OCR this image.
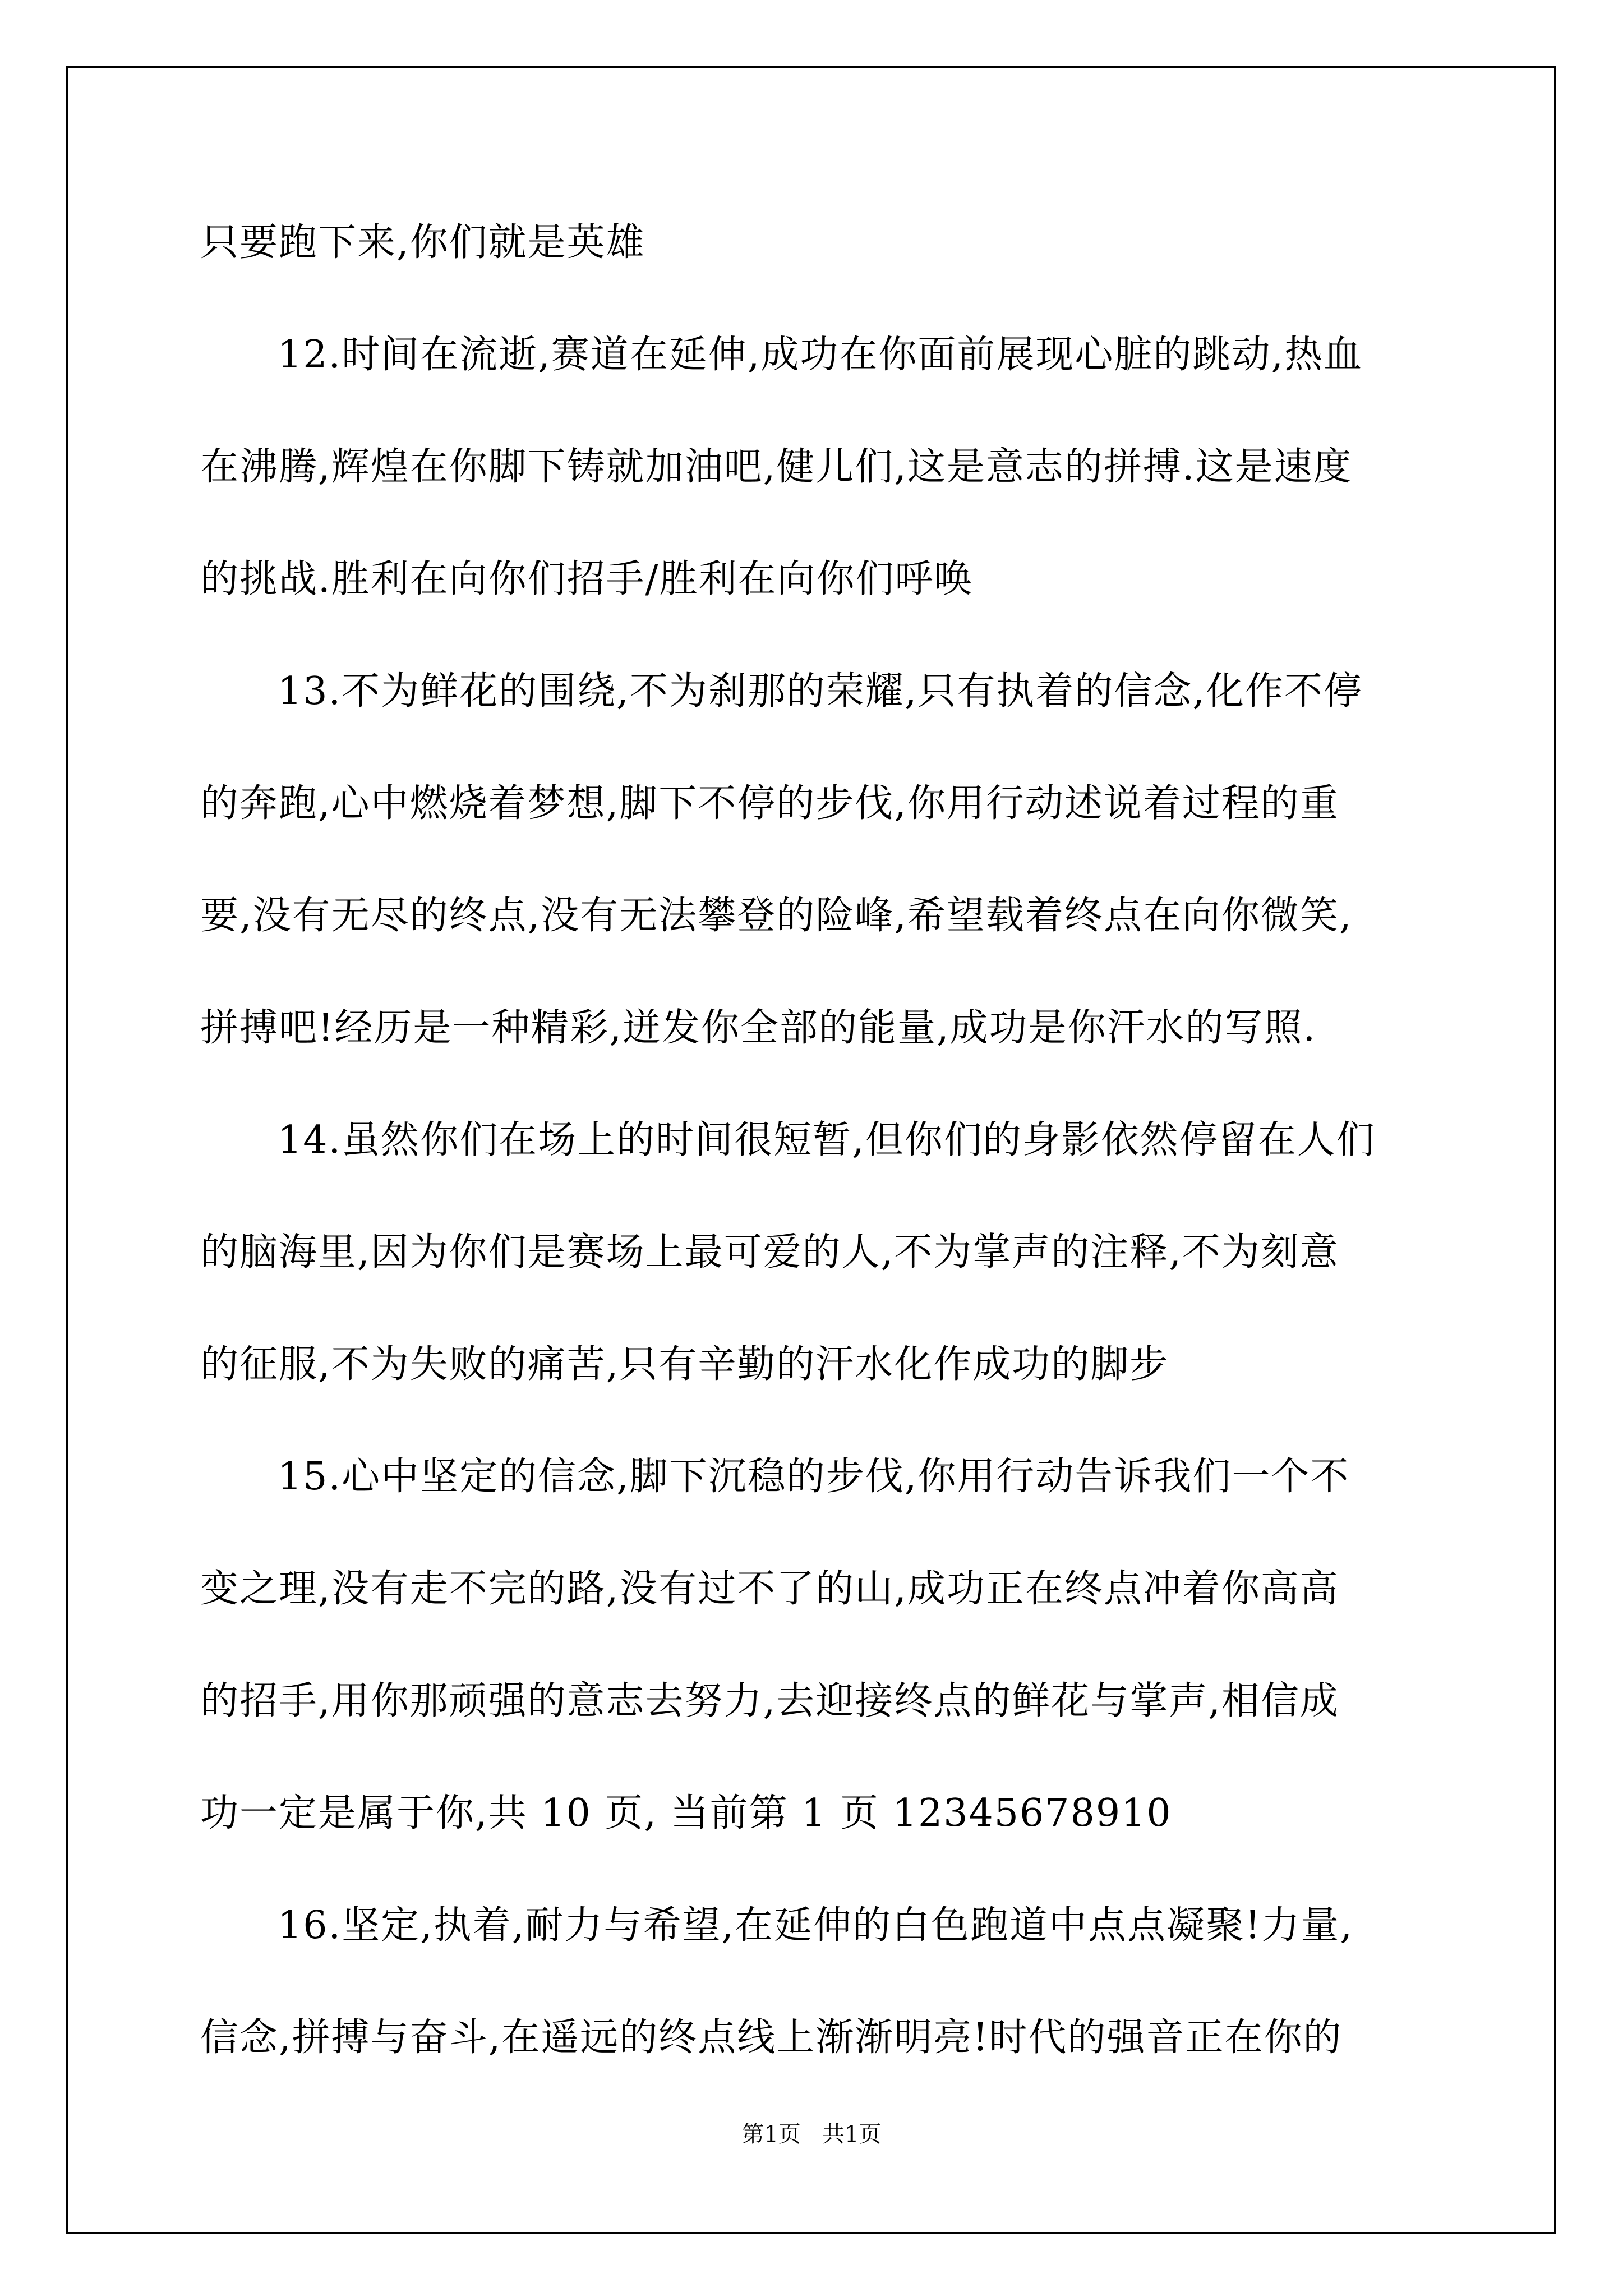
只要跑下来,你们就是英雄
12.时间在流逝,赛道在延伸,成功在你面前展现心脏的跳动,热血
在沸腾,辉煌在你脚下铸就加油吧,健儿们,这是意志的拼搏.这是速度
的挑战.胜利在向你们招手/胜利在向你们呼唤
13.不为鲜花的围绕,不为刹那的荣耀,只有执着的信念,化作不停
的奔跑,心中燃烧着梦想,脚下不停的步伐,你用行动述说着过程的重
要,没有无尽的终点,没有无法攀登的险峰,希望载着终点在向你微笑,
拼搏吧!经历是一种精彩,迸发你全部的能量,成功是你汗水的写照.
14.虽然你们在场上的时间很短暂,但你们的身影依然停留在人们
的脑海里,因为你们是赛场上最可爱的人,不为掌声的注释,不为刻意
的征服,不为失败的痛苦,只有辛勤的汗水化作成功的脚步
15.心中坚定的信念,脚下沉稳的步伐,你用行动告诉我们一个不
变之理,没有走不完的路,没有过不了的山,成功正在终点冲着你高高
的招手,用你那顽强的意志去努力,去迎接终点的鲜花与掌声,相信成
功一定是属于你,共 10 页, 当前第 1 页 12345678910
16.坚定,执着,耐力与希望,在延伸的白色跑道中点点凝聚!力量,
信念,拼搏与奋斗,在遥远的终点线上渐渐明亮!时代的强音正在你的
第1页   共1页
